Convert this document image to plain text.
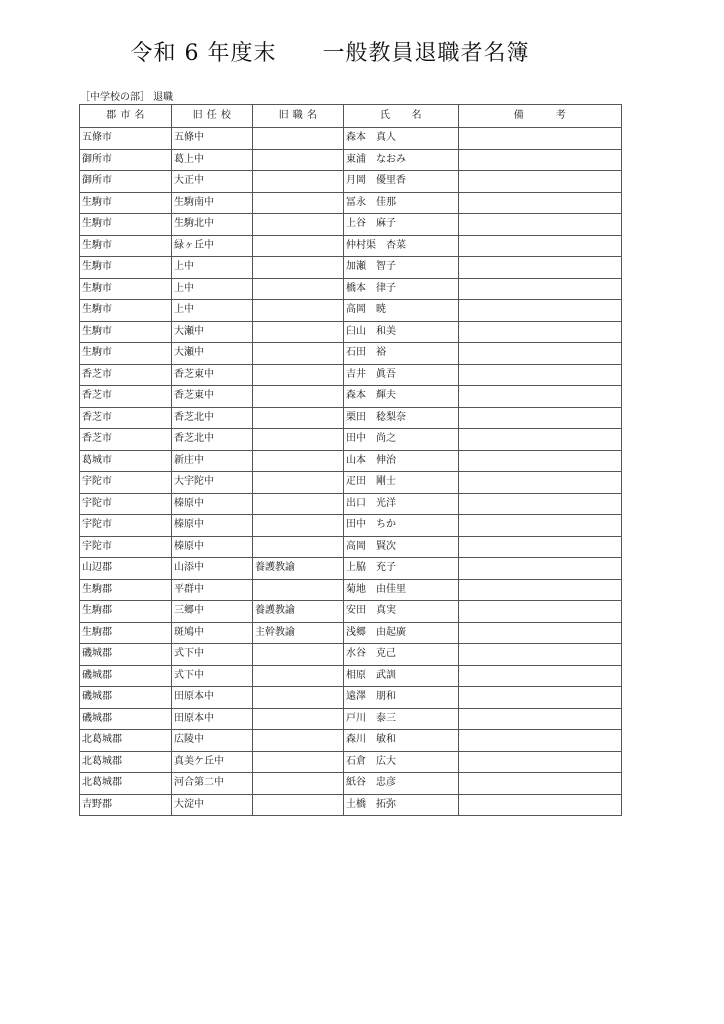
令和 6 年度末　　一般教員退職者名簿
［中学校の部］ 退職
郡 市 名	旧 任 校	旧 職 名	氏　　名	備　　　考
五條市	五條中		森本　真人	
御所市	葛上中		東浦　なおみ	
御所市	大正中		月岡　優里香	
生駒市	生駒南中		冨永　佳那	
生駒市	生駒北中		上谷　麻子	
生駒市	緑ヶ丘中		仲村渠　杏菜	
生駒市	上中		加瀬　智子	
生駒市	上中		橋本　律子	
生駒市	上中		高岡　暁	
生駒市	大瀬中		臼山　和美	
生駒市	大瀬中		石田　裕	
香芝市	香芝東中		吉井　眞吾	
香芝市	香芝東中		森本　輝夫	
香芝市	香芝北中		栗田　稔梨奈	
香芝市	香芝北中		田中　尚之	
葛城市	新庄中		山本　伸治	
宇陀市	大宇陀中		疋田　剛士	
宇陀市	榛原中		出口　光洋	
宇陀市	榛原中		田中　ちか	
宇陀市	榛原中		高岡　賢次	
山辺郡	山添中	養護教諭	上脇　充子	
生駒郡	平群中		菊地　由佳里	
生駒郡	三郷中	養護教諭	安田　真実	
生駒郡	斑鳩中	主幹教諭	浅郷　由起廣	
磯城郡	式下中		水谷　克己	
磯城郡	式下中		相原　武訓	
磯城郡	田原本中		遠澤　朋和	
磯城郡	田原本中		戸川　泰三	
北葛城郡	広陵中		森川　敏和	
北葛城郡	真美ケ丘中		石倉　広大	
北葛城郡	河合第二中		紙谷　忠彦	
吉野郡	大淀中		土橋　拓弥	
